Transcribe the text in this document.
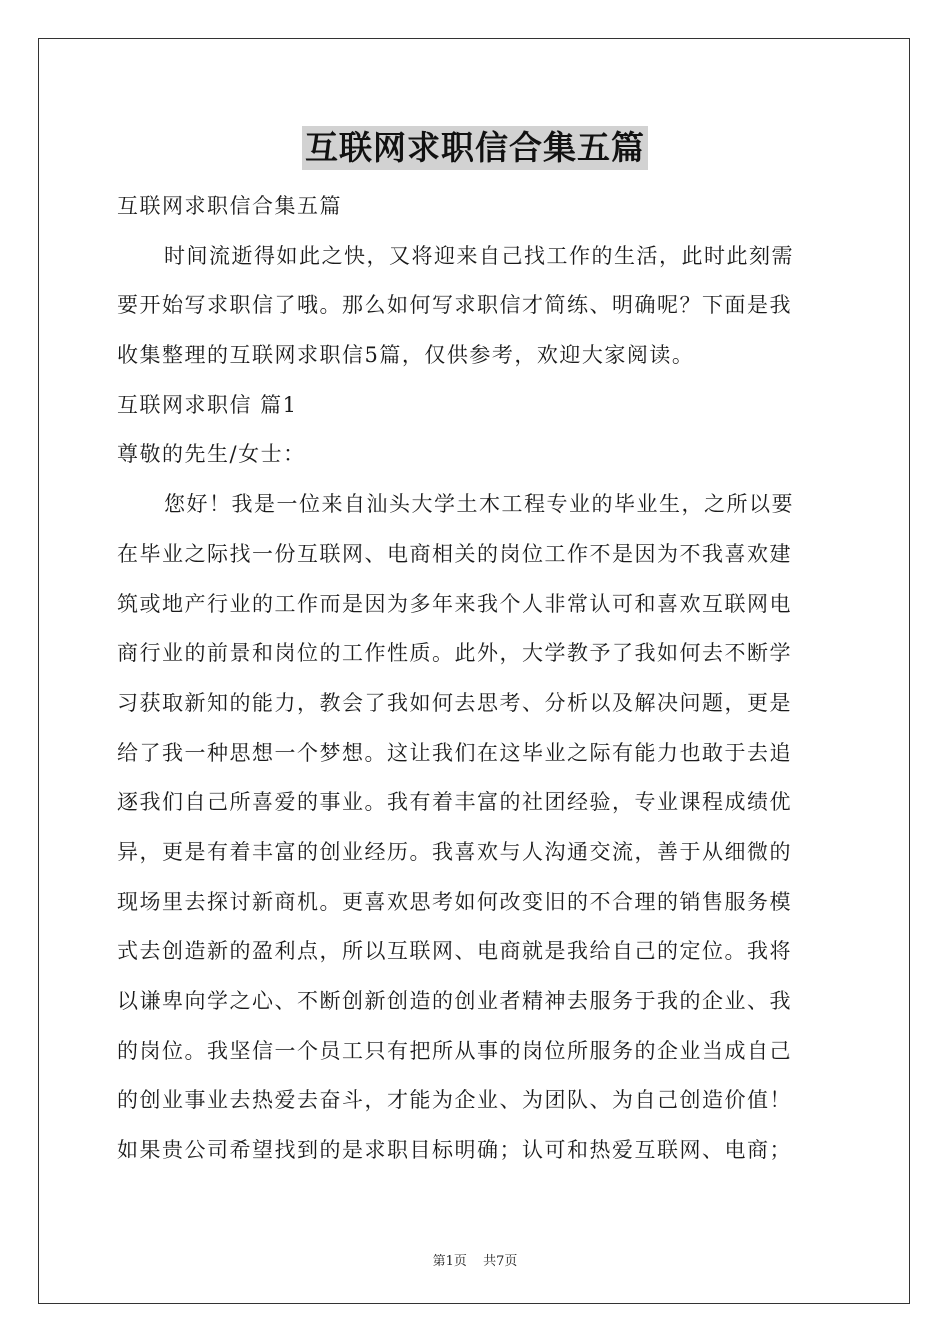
互联网求职信合集五篇

互联网求职信合集五篇

时间流逝得如此之快，又将迎来自己找工作的生活，此时此刻需

要开始写求职信了哦。那么如何写求职信才简练、明确呢？下面是我

收集整理的互联网求职信5篇，仅供参考，欢迎大家阅读。

互联网求职信 篇1

尊敬的先生/女士：

您好！我是一位来自汕头大学土木工程专业的毕业生，之所以要

在毕业之际找一份互联网、电商相关的岗位工作不是因为不我喜欢建

筑或地产行业的工作而是因为多年来我个人非常认可和喜欢互联网电

商行业的前景和岗位的工作性质。此外，大学教予了我如何去不断学

习获取新知的能力，教会了我如何去思考、分析以及解决问题，更是

给了我一种思想一个梦想。这让我们在这毕业之际有能力也敢于去追

逐我们自己所喜爱的事业。我有着丰富的社团经验，专业课程成绩优

异，更是有着丰富的创业经历。我喜欢与人沟通交流，善于从细微的

现场里去探讨新商机。更喜欢思考如何改变旧的不合理的销售服务模

式去创造新的盈利点，所以互联网、电商就是我给自己的定位。我将

以谦卑向学之心、不断创新创造的创业者精神去服务于我的企业、我

的岗位。我坚信一个员工只有把所从事的岗位所服务的企业当成自己

的创业事业去热爱去奋斗，才能为企业、为团队、为自己创造价值！

如果贵公司希望找到的是求职目标明确；认可和热爱互联网、电商；

第1页 共7页
